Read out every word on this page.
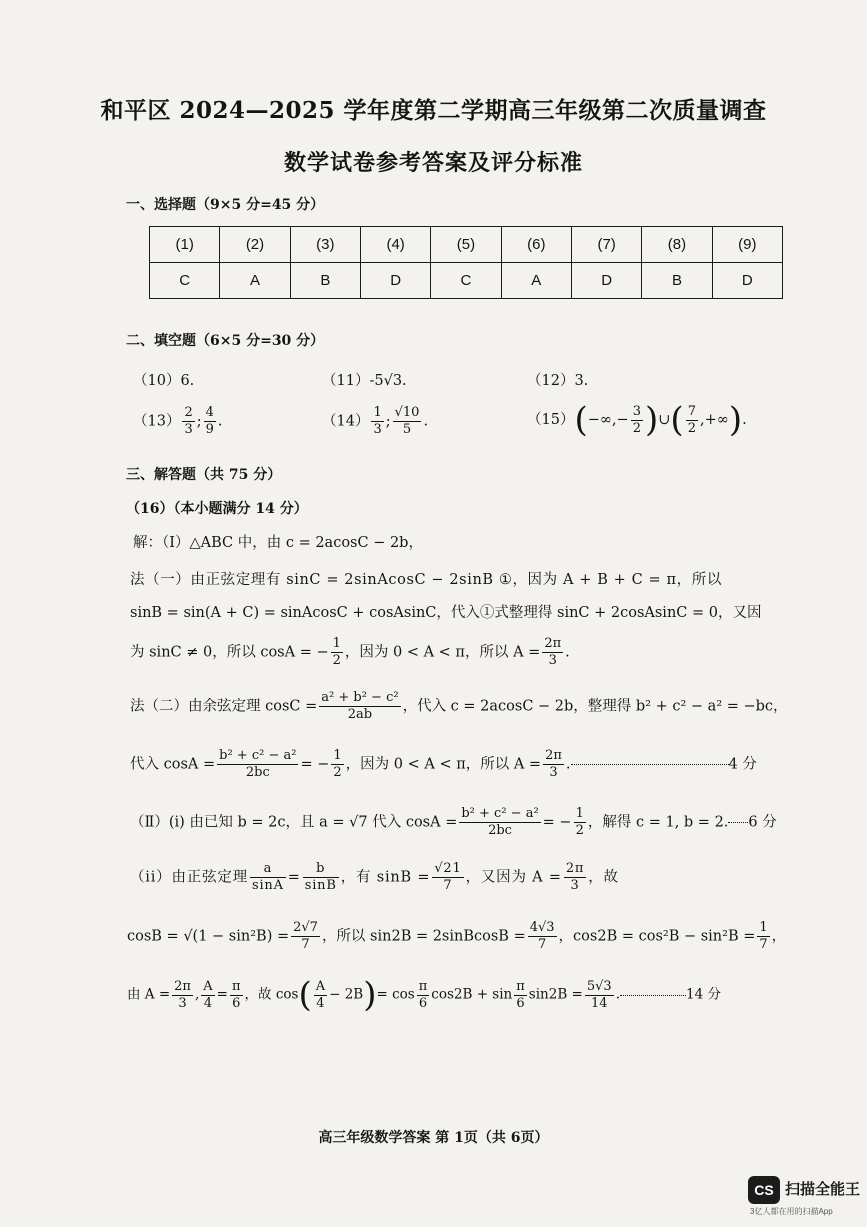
和平区 2024—2025 学年度第二学期高三年级第二次质量调查
数学试卷参考答案及评分标准
一、选择题（9×5 分=45 分）
(1)	(2)	(3)	(4)	(5)	(6)	(7)	(8)	(9)
C	A	B	D	C	A	D	B	D
二、填空题（6×5 分=30 分）
（10）6.	（11）-5√3.	（12）3.
$(13) \frac{2}{3}$ ; $\frac{4}{9}$ .	$(14) \frac{1}{3}$ ; $\frac{√10}{5}$ .	$(15)(-\infty,- \frac{3}{2}$ )∪( $\frac{7}{2}$ ,+∞).
三、解答题（共 75 分）
（16）（本小题满分 14 分）
解：（Ⅰ）△ABC 中，由 c = 2acosC − 2b，
法（一）由正弦定理有 sinC = 2sinAcosC − 2sinB ①，因为 A + B + C = π，所以
sinB = sin(A + C) = sinAcosC + cosAsinC，代入①式整理得 sinC + 2cosAsinC = 0，又因
为 sinC ≠ 0，所以 cosA = − $\frac{1}{2}$ ，因为 0 < A < π，所以 $A = \frac{2\pi}{3}$ .
法（二）由余弦定理 $\cos C = \frac{\text{a² + b² − c²}}{2ab}$ ，代入 c = 2acosC − 2b，整理得 b² + c² − a² = −bc，
代入 $\cos A = \frac{\text{b² + c² − a²}}{2bc}$ = − $\frac{1}{2}$ ，因为 0 < A < π，所以 $A = \frac{2\pi}{3}$ .	4 分
（Ⅱ）(i) 由已知 b = 2c，且 a = √7 代入 $\cos A = \frac{\text{b² + c² − a²}}{2bc}$ = − $\frac{1}{2}$ ，解得 c = 1, b = 2. 6 分
（ii）由正弦定理 $\frac{a}{\sin A} = \frac{b}{\sin B}$ ，有 $\sin B = \frac{√21}{7}$ ，又因为 $A = \frac{2\pi}{3}$ ，故
$\cos B = √(1 - \sin^2B) = \frac{2√7}{7}$ ，所以 sin2B = 2sinBcosB = $\frac{4√3}{7}$ ，$\cos 2B = \cos^2B - \sin^2B = \frac{1}{7}$ ，
由 $A = \frac{2\pi}{3}$ , $\frac{A}{4} = \frac{\pi}{6}$ ，故 $\cos( \frac{A}{4} - 2B)= \cos \frac{\pi}{6} \cos 2B + \sin \frac{\pi}{6} \sin 2B = \frac{5√3}{14}$ .	14 分
高三年级数学答案 第 1页（共 6页）
CS 扫描全能王
3亿人都在用的扫描App
